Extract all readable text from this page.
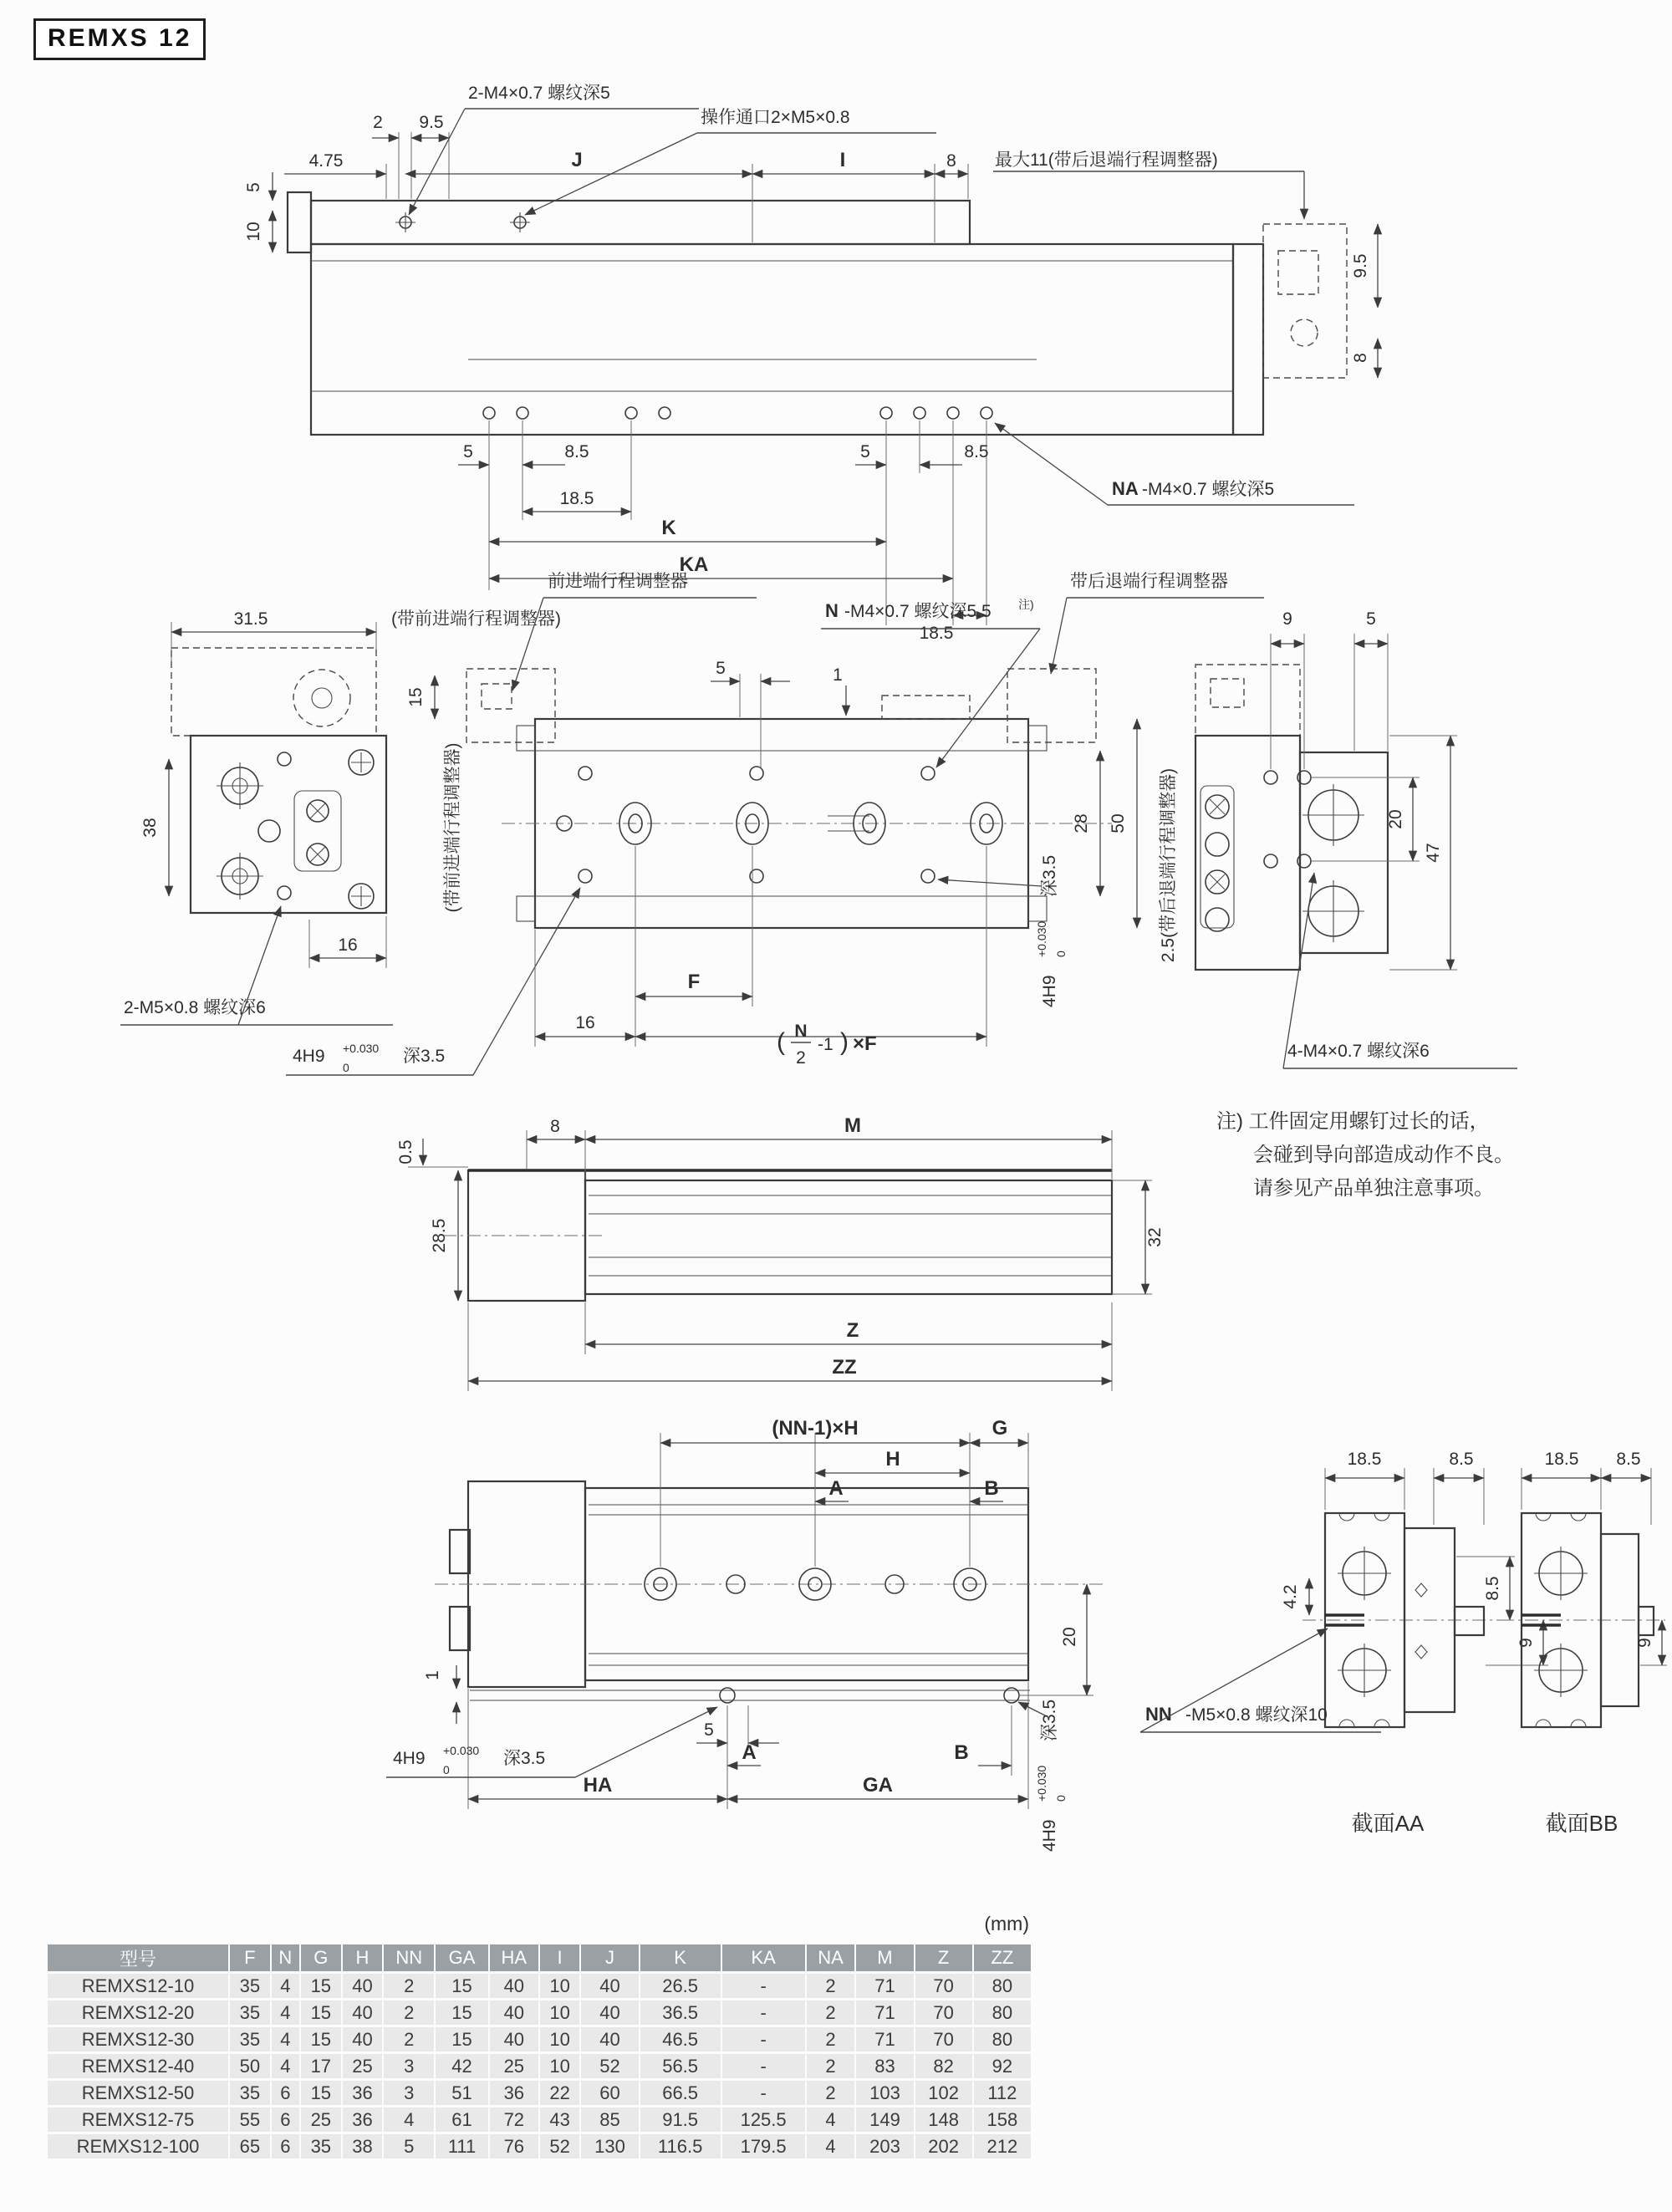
REMXS 12
2 9.5
4.75	J	I	8 最大11(带后退端行程调整器)
5
10
2-M4×0.7 螺纹深5
操作通口2×M5×0.8
5	8.5
18.5
5	8.5
K
KA
18.5
9.5
8
NA -M4×0.7 螺纹深5
31.5	(带前进端行程调整器)
38
16
2-M5×0.8 螺纹深6
4H9 +0.030
0
深3.5
前进端行程调整器
N -M4×0.7 螺纹深5.5 注)
带后退端行程调整器
5	1
15
(带前进端行程调整器)
F
16
( N
2
-1 ) ×F
28 50 2.5(带后退端行程调整器)
4H9
+0.030 0
深3.5
9	5
20
47
4-M4×0.7 螺纹深6
0.5
8	M
28.5	32
Z
ZZ
(NN-1)×H	G
H
A	B
1
20
5
A	B
HA	GA
4H9 +0.030
0
深3.5
4H9
+0.030 0
深3.5
18.5	8.5
4.2	8.5
9
NN -M5×0.8 螺纹深10
截面AA
18.5 8.5
9
截面BB
注) 工件固定用螺钉过长的话，
会碰到导向部造成动作不良。
请参见产品单独注意事项。
(mm)
型号	F	N	G	H	NN	GA	HA	I	J	K	KA	NA	M	Z	ZZ
REMXS12-10	35	4	15	40	2	15	40	10	40	26.5	-	2	71	70	80
REMXS12-20	35	4	15	40	2	15	40	10	40	36.5	-	2	71	70	80
REMXS12-30	35	4	15	40	2	15	40	10	40	46.5	-	2	71	70	80
REMXS12-40	50	4	17	25	3	42	25	10	52	56.5	-	2	83	82	92
REMXS12-50	35	6	15	36	3	51	36	22	60	66.5	-	2	103	102	112
REMXS12-75	55	6	25	36	4	61	72	43	85	91.5	125.5	4	149	148	158
REMXS12-100	65	6	35	38	5	111	76	52	130	116.5	179.5	4	203	202	212
